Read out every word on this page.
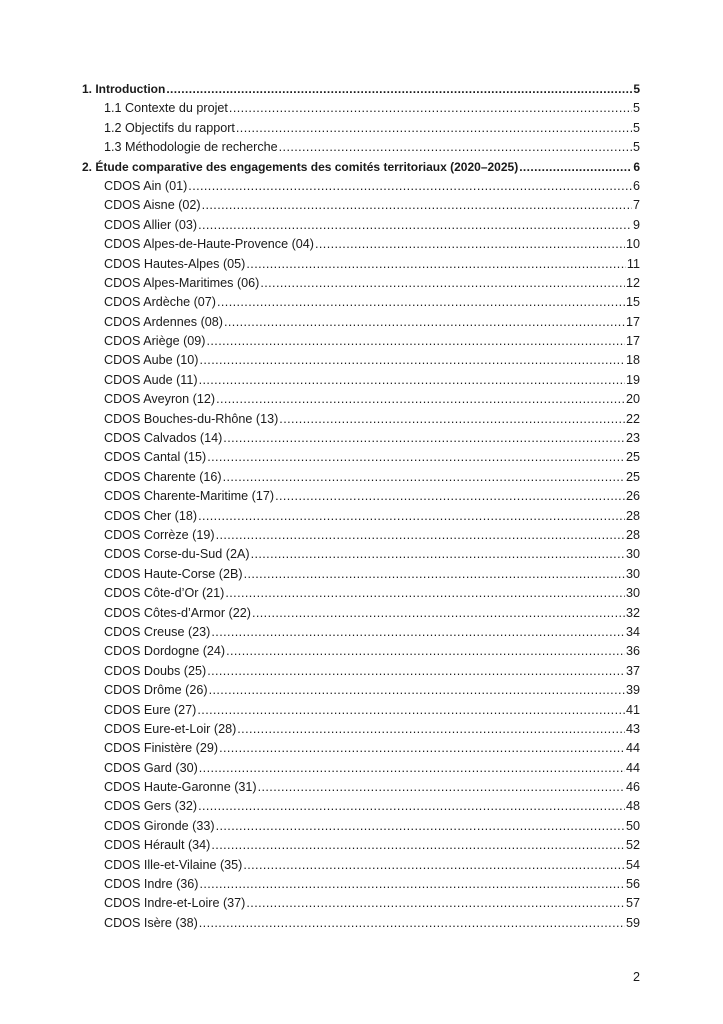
1. Introduction .....	5
1.1 Contexte du projet .....	5
1.2 Objectifs du rapport .....	5
1.3 Méthodologie de recherche .....	5
2. Étude comparative des engagements des comités territoriaux (2020–2025) .....	6
CDOS Ain (01) .....	6
CDOS Aisne (02) .....	7
CDOS Allier (03) .....	9
CDOS Alpes-de-Haute-Provence (04) .....	10
CDOS Hautes-Alpes (05) .....	11
CDOS Alpes-Maritimes (06) .....	12
CDOS Ardèche (07) .....	15
CDOS Ardennes (08) .....	17
CDOS Ariège (09) .....	17
CDOS Aube (10) .....	18
CDOS Aude (11) .....	19
CDOS Aveyron (12) .....	20
CDOS Bouches-du-Rhône (13) .....	22
CDOS Calvados (14) .....	23
CDOS Cantal (15) .....	25
CDOS Charente (16) .....	25
CDOS Charente-Maritime (17) .....	26
CDOS Cher (18) .....	28
CDOS Corrèze (19) .....	28
CDOS Corse-du-Sud (2A) .....	30
CDOS Haute-Corse (2B) .....	30
CDOS Côte-d’Or (21) .....	30
CDOS Côtes-d’Armor (22) .....	32
CDOS Creuse (23) .....	34
CDOS Dordogne (24) .....	36
CDOS Doubs (25) .....	37
CDOS Drôme (26) .....	39
CDOS Eure (27) .....	41
CDOS Eure-et-Loir (28) .....	43
CDOS Finistère (29) .....	44
CDOS Gard (30) .....	44
CDOS Haute-Garonne (31) .....	46
CDOS Gers (32) .....	48
CDOS Gironde (33) .....	50
CDOS Hérault (34) .....	52
CDOS Ille-et-Vilaine (35) .....	54
CDOS Indre (36) .....	56
CDOS Indre-et-Loire (37) .....	57
CDOS Isère (38) .....	59
2
